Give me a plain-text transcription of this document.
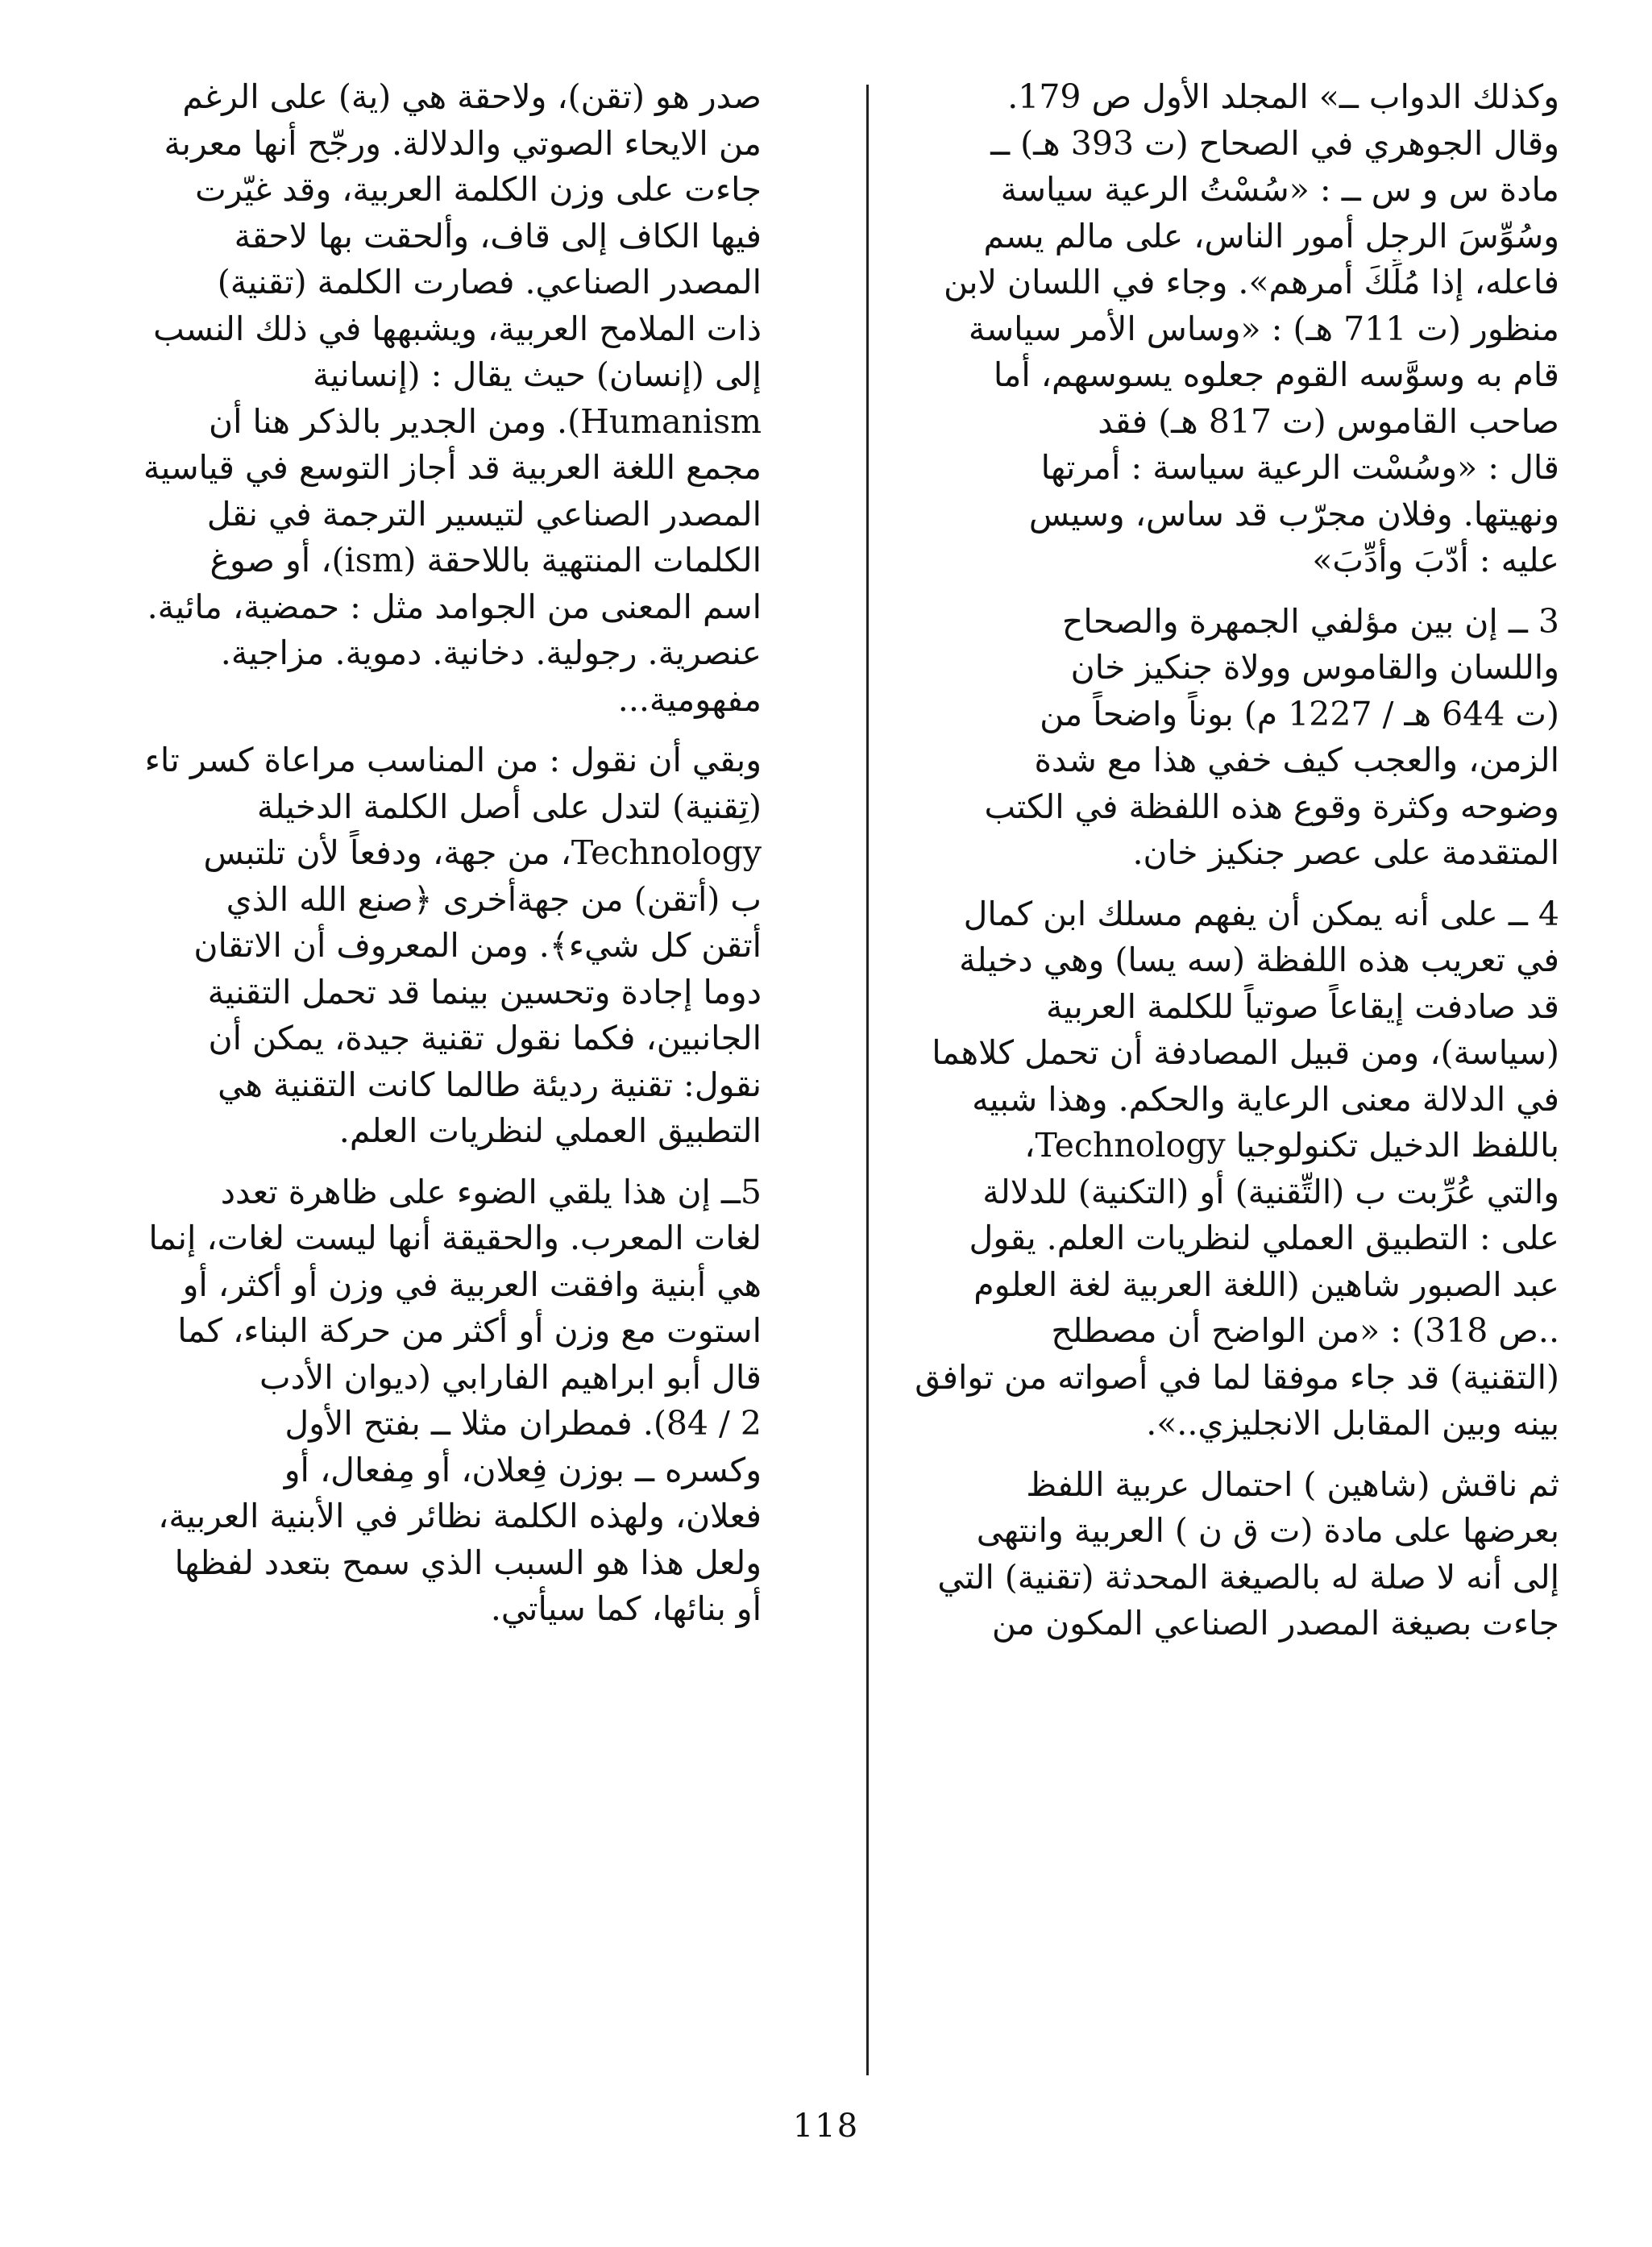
وكذلك الدواب ــ» المجلد الأول ص 179.
وقال الجوهري في الصحاح (ت 393 هـ) ــ
مادة س و س ــ : «سُسْتُ الرعية سياسة
وسُوِّسَ الرجل أمور الناس، على مالم يسم
فاعله، إذا مُلِّكَ أمرهم». وجاء في اللسان لابن
منظور (ت 711 هـ) : «وساس الأمر سياسة
قام به وسوَّسه القوم جعلوه يسوسهم، أما
صاحب القاموس (ت 817 هـ) فقد
قال : «وسُسْت الرعية سياسة : أمرتها
ونهيتها. وفلان مجرّب قد ساس، وسيس
عليه : أدّبَ وأُدِّبَ»
3 ــ إن بين مؤلفي الجمهرة والصحاح
واللسان والقاموس وولاة جنكيز خان
(ت 644 هـ / 1227 م) بوناً واضحاً من
الزمن، والعجب كيف خفي هذا مع شدة
وضوحه وكثرة وقوع هذه اللفظة في الكتب
المتقدمة على عصر جنكيز خان.
4 ــ على أنه يمكن أن يفهم مسلك ابن كمال
في تعريب هذه اللفظة (سه يسا) وهي دخيلة
قد صادفت إيقاعاً صوتياً للكلمة العربية
(سياسة)، ومن قبيل المصادفة أن تحمل كلاهما
في الدلالة معنى الرعاية والحكم. وهذا شبيه
باللفظ الدخيل تكنولوجيا Technology،
والتي عُرِّبت ب (التِّقنية) أو (التكنية) للدلالة
على : التطبيق العملي لنظريات العلم. يقول
عبد الصبور شاهين (اللغة العربية لغة العلوم
..ص 318) : «من الواضح أن مصطلح
(التقنية) قد جاء موفقا لما في أصواته من توافق
بينه وبين المقابل الانجليزي..».
ثم ناقش (شاهين ) احتمال عربية اللفظ
بعرضها على مادة (ت ق ن ) العربية وانتهى
إلى أنه لا صلة له بالصيغة المحدثة (تقنية) التي
جاءت بصيغة المصدر الصناعي المكون من
صدر هو (تقن)، ولاحقة هي (ية) على الرغم
من الايحاء الصوتي والدلالة. ورجّح أنها معربة
جاءت على وزن الكلمة العربية، وقد غيّرت
فيها الكاف إلى قاف، وأُلحقت بها لاحقة
المصدر الصناعي. فصارت الكلمة (تقنية)
ذات الملامح العربية، ويشبهها في ذلك النسب
إلى (إنسان) حيث يقال : (إنسانية
Humanism). ومن الجدير بالذكر هنا أن
مجمع اللغة العربية قد أجاز التوسع في قياسية
المصدر الصناعي لتيسير الترجمة في نقل
الكلمات المنتهية باللاحقة (ism)، أو صوغ
اسم المعنى من الجوامد مثل : حمضية، مائية.
عنصرية. رجولية. دخانية. دموية. مزاجية.
مفهومية...
وبقي أن نقول : من المناسب مراعاة كسر تاء
(تِقنية) لتدل على أصل الكلمة الدخيلة
Technology، من جهة، ودفعاً لأن تلتبس
ب (أتقن) من جهةأخرى ﴿صنع الله الذي
أتقن كل شيء﴾. ومن المعروف أن الاتقان
دوما إجادة وتحسين بينما قد تحمل التقنية
الجانبين، فكما نقول تقنية جيدة، يمكن أن
نقول: تقنية رديئة طالما كانت التقنية هي
التطبيق العملي لنظريات العلم.
5ــ إن هذا يلقي الضوء على ظاهرة تعدد
لغات المعرب. والحقيقة أنها ليست لغات، إنما
هي أبنية وافقت العربية في وزن أو أكثر، أو
استوت مع وزن أو أكثر من حركة البناء، كما
قال أبو ابراهيم الفارابي (ديوان الأدب
2 / 84). فمطران مثلا ــ بفتح الأول
وكسره ــ بوزن فِعلان، أو مِفعال، أو
فعلان، ولهذه الكلمة نظائر في الأبنية العربية،
ولعل هذا هو السبب الذي سمح بتعدد لفظها
أو بنائها، كما سيأتي.
118
